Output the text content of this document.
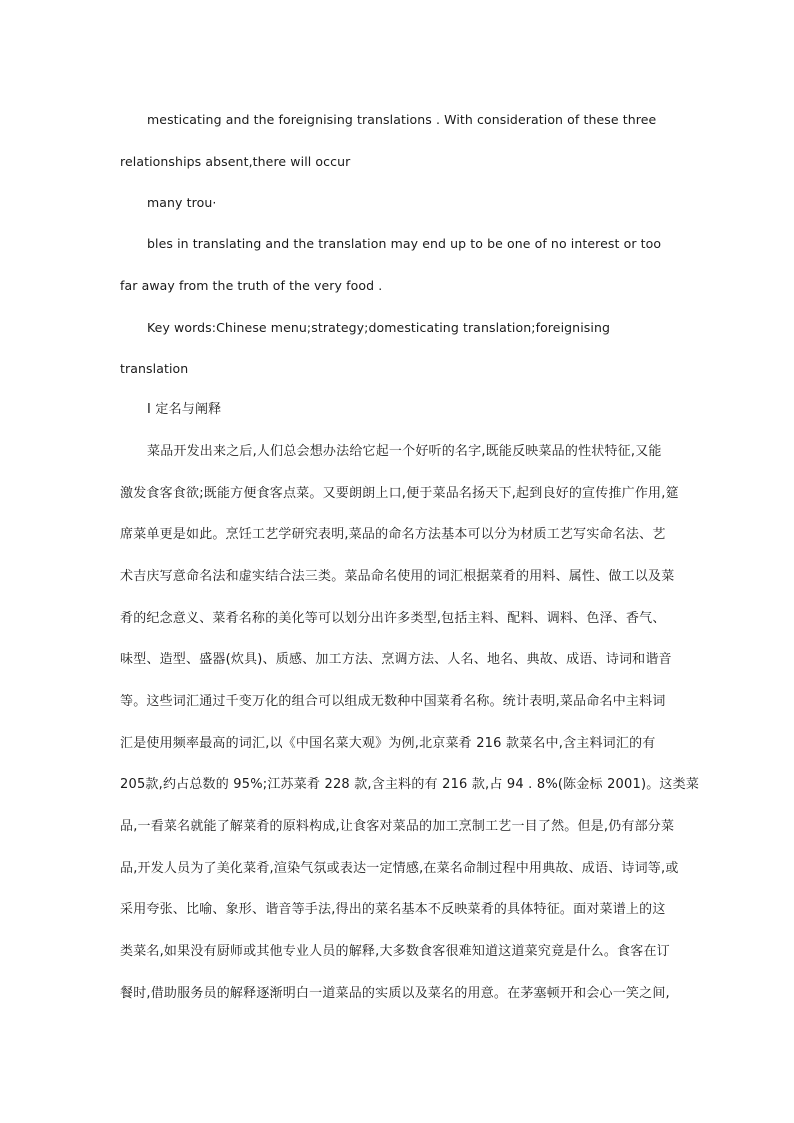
mesticating and the foreignising translations . With consideration of these three
relationships absent,there will occur
many trou·
bles in translating and the translation may end up to be one of no interest or too
far away from the truth of the very food .
Key words:Chinese menu;strategy;domesticating translation;foreignising
translation
I 定名与阐释
菜品开发出来之后,人们总会想办法给它起一个好听的名字,既能反映菜品的性状特征,又能
激发食客食欲;既能方便食客点菜。又要朗朗上口,便于菜品名扬天下,起到良好的宣传推广作用,筵
席菜单更是如此。烹饪工艺学研究表明,菜品的命名方法基本可以分为材质工艺写实命名法、艺
术吉庆写意命名法和虚实结合法三类。菜品命名使用的词汇根据菜肴的用料、属性、做工以及菜
肴的纪念意义、菜肴名称的美化等可以划分出许多类型,包括主料、配料、调料、色泽、香气、
味型、造型、盛器(炊具)、质感、加工方法、烹调方法、人名、地名、典故、成语、诗词和谐音
等。这些词汇通过千变万化的组合可以组成无数种中国菜肴名称。统计表明,菜品命名中主料词
汇是使用频率最高的词汇,以《中国名菜大观》为例,北京菜肴 216 款菜名中,含主料词汇的有
205款,约占总数的 95%;江苏菜肴 228 款,含主料的有 216 款,占 94 . 8%(陈金标 2001)。这类菜
品,一看菜名就能了解菜肴的原料构成,让食客对菜品的加工烹制工艺一目了然。但是,仍有部分菜
品,开发人员为了美化菜肴,渲染气氛或表达一定情感,在菜名命制过程中用典故、成语、诗词等,或
采用夸张、比喻、象形、谐音等手法,得出的菜名基本不反映菜肴的具体特征。面对菜谱上的这
类菜名,如果没有厨师或其他专业人员的解释,大多数食客很难知道这道菜究竟是什么。食客在订
餐时,借助服务员的解释逐渐明白一道菜品的实质以及菜名的用意。在茅塞顿开和会心一笑之间,
